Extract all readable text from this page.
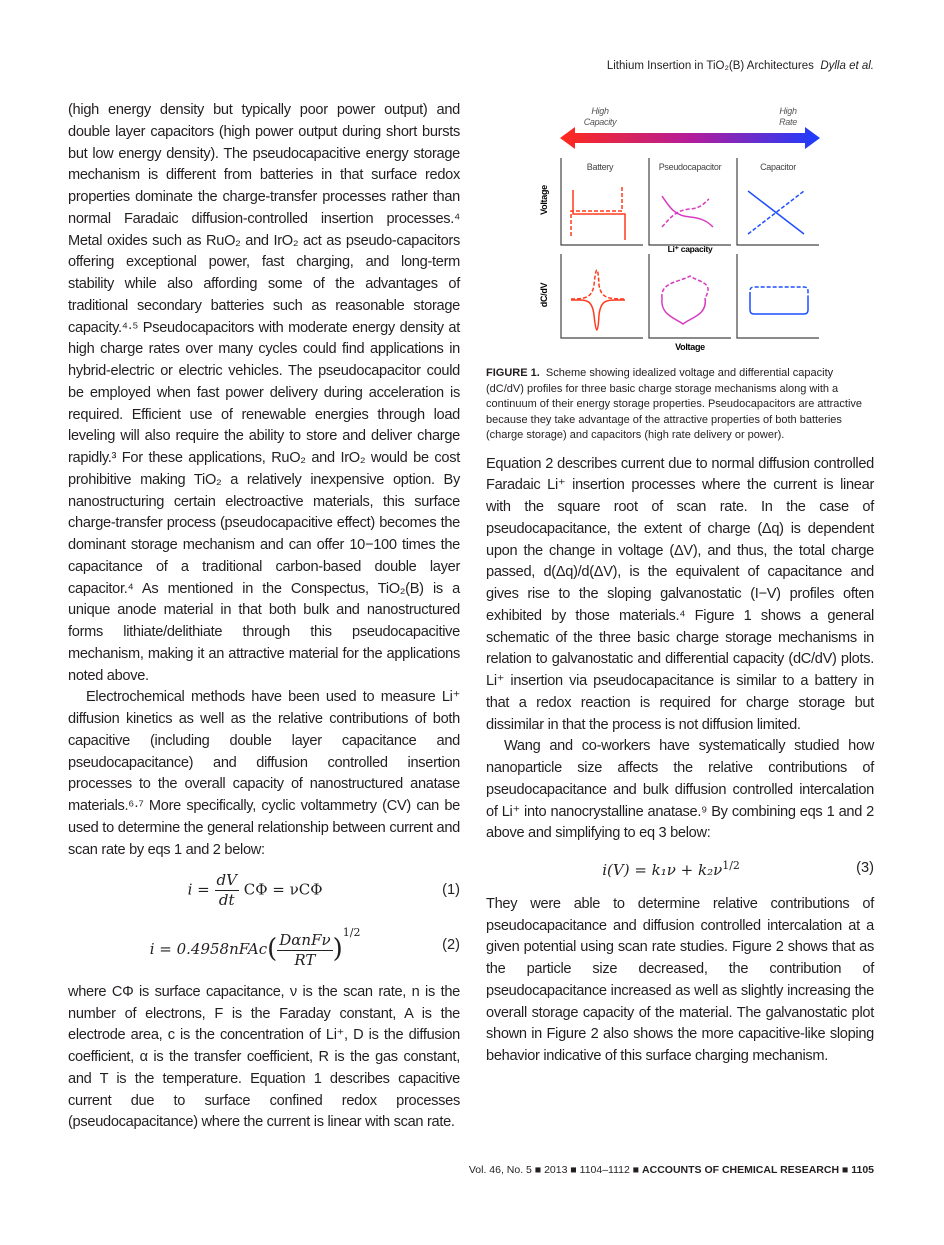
Lithium Insertion in TiO₂(B) Architectures Dylla et al.

(high energy density but typically poor power output) and double layer capacitors (high power output during short bursts but low energy density). The pseudocapacitive energy storage mechanism is different from batteries in that surface redox properties dominate the charge-transfer processes rather than normal Faradaic diffusion-controlled insertion processes.⁴ Metal oxides such as RuO₂ and IrO₂ act as pseudo-capacitors offering exceptional power, fast charging, and long-term stability while also affording some of the advantages of traditional secondary batteries such as reasonable storage capacity.⁴·⁵ Pseudocapacitors with moderate energy density at high charge rates over many cycles could find applications in hybrid-electric or electric vehicles. The pseudocapacitor could be employed when fast power delivery during acceleration is required. Efficient use of renewable energies through load leveling will also require the ability to store and deliver charge rapidly.³ For these applications, RuO₂ and IrO₂ would be cost prohibitive making TiO₂ a relatively inexpensive option. By nanostructuring certain electroactive materials, this surface charge-transfer process (pseudocapacitive effect) becomes the dominant storage mechanism and can offer 10−100 times the capacitance of a traditional carbon-based double layer capacitor.⁴ As mentioned in the Conspectus, TiO₂(B) is a unique anode material in that both bulk and nanostructured forms lithiate/delithiate through this pseudocapacitive mechanism, making it an attractive material for the applications noted above.

Electrochemical methods have been used to measure Li⁺ diffusion kinetics as well as the relative contributions of both capacitive (including double layer capacitance and pseudocapacitance) and diffusion controlled insertion processes to the overall capacity of nanostructured anatase materials.⁶·⁷ More specifically, cyclic voltammetry (CV) can be used to determine the general relationship between current and scan rate by eqs 1 and 2 below:

$i = \frac{dV}{dt}$ CΦ = νCΦ	(1)
i = 0.4958nFAc( $\frac{\text{DαnFν}}{RT} )^{1/2}$
(2)

where CΦ is surface capacitance, ν is the scan rate, n is the number of electrons, F is the Faraday constant, A is the electrode area, c is the concentration of Li⁺, D is the diffusion coefficient, α is the transfer coefficient, R is the gas constant, and T is the temperature. Equation 1 describes capacitive current due to surface confined redox processes (pseudocapacitance) where the current is linear with scan rate.

High
Capacity
High
Rate
Battery	Pseudocapacitor	Capacitor
Voltage
dC/dV
Li⁺ capacity
Voltage
FIGURE 1. Scheme showing idealized voltage and differential capacity (dC/dV) profiles for three basic charge storage mechanisms along with a continuum of their energy storage properties. Pseudocapacitors are attractive because they take advantage of the attractive properties of both batteries (charge storage) and capacitors (high rate delivery or power).

Equation 2 describes current due to normal diffusion controlled Faradaic Li⁺ insertion processes where the current is linear with the square root of scan rate. In the case of pseudocapacitance, the extent of charge (Δq) is dependent upon the change in voltage (ΔV), and thus, the total charge passed, d(Δq)/d(ΔV), is the equivalent of capacitance and gives rise to the sloping galvanostatic (I−V) profiles often exhibited by those materials.⁴ Figure 1 shows a general schematic of the three basic charge storage mechanisms in relation to galvanostatic and differential capacity (dC/dV) plots. Li⁺ insertion via pseudocapacitance is similar to a battery in that a redox reaction is required for charge storage but dissimilar in that the process is not diffusion limited.

Wang and co-workers have systematically studied how nanoparticle size affects the relative contributions of pseudocapacitance and bulk diffusion controlled intercalation of Li⁺ into nanocrystalline anatase.⁹ By combining eqs 1 and 2 above and simplifying to eq 3 below:

$i(V) = k_1\nu + k_2\nu^{1/2}$	(3)

They were able to determine relative contributions of pseudocapacitance and diffusion controlled intercalation at a given potential using scan rate studies. Figure 2 shows that as the particle size decreased, the contribution of pseudocapacitance increased as well as slightly increasing the overall storage capacity of the material. The galvanostatic plot shown in Figure 2 also shows the more capacitive-like sloping behavior indicative of this surface charging mechanism.

Vol. 46, No. 5 ■ 2013 ■ 1104–1112 ■ ACCOUNTS OF CHEMICAL RESEARCH ■ 1105
